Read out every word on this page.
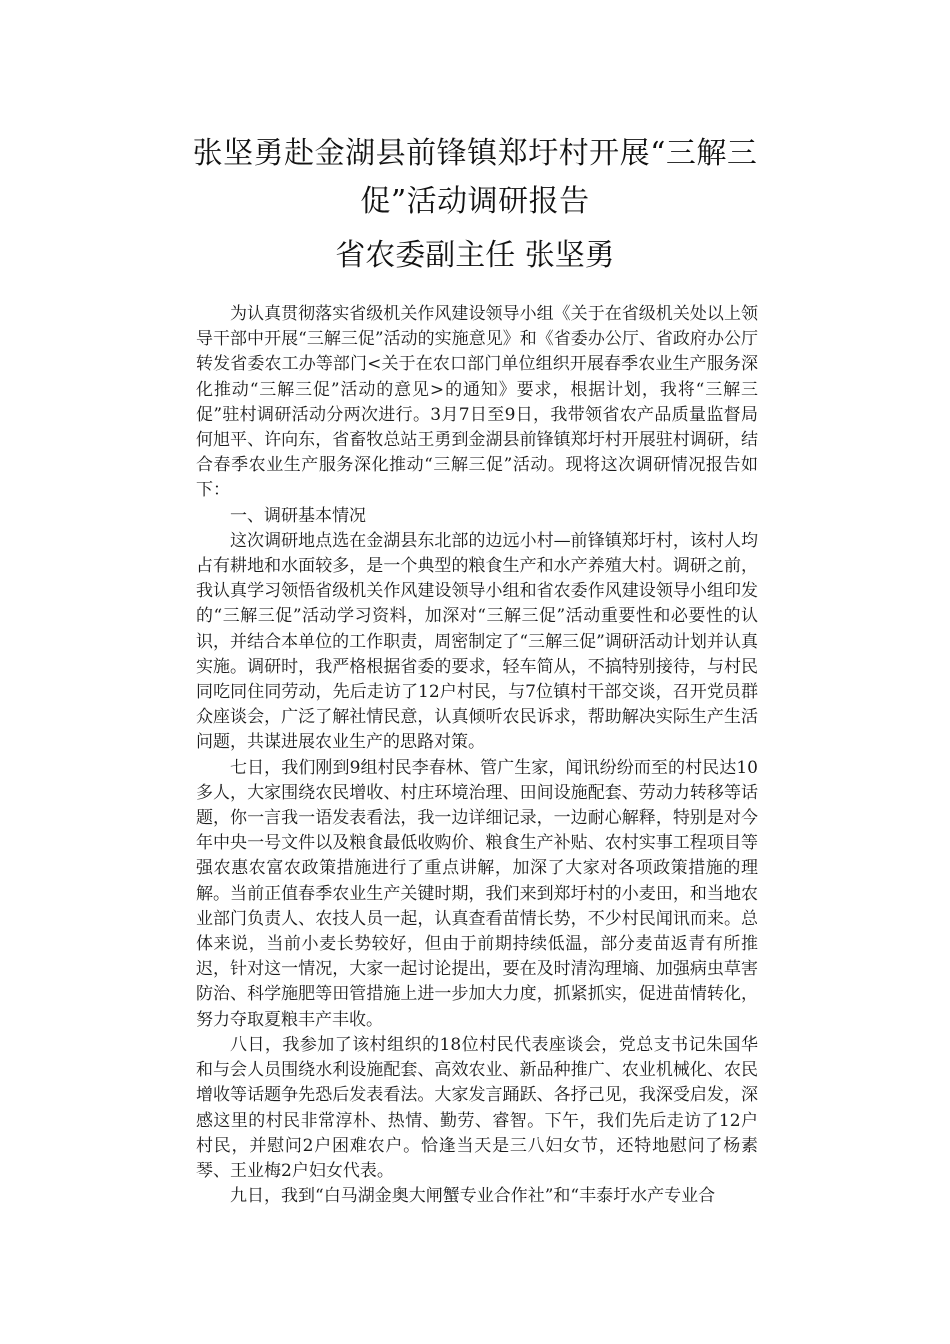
张坚勇赴金湖县前锋镇郑圩村开展“三解三
促”活动调研报告
省农委副主任 张坚勇

为认真贯彻落实省级机关作风建设领导小组《关于在省级机关处以上领导干部中开展“三解三促”活动的实施意见》和《省委办公厅、省政府办公厅转发省委农工办等部门<关于在农口部门单位组织开展春季农业生产服务深化推动“三解三促”活动的意见>的通知》要求，根据计划，我将“三解三促”驻村调研活动分两次进行。3月7日至9日，我带领省农产品质量监督局何旭平、许向东，省畜牧总站王勇到金湖县前锋镇郑圩村开展驻村调研，结合春季农业生产服务深化推动“三解三促”活动。现将这次调研情况报告如下：

一、调研基本情况

这次调研地点选在金湖县东北部的边远小村—前锋镇郑圩村，该村人均占有耕地和水面较多，是一个典型的粮食生产和水产养殖大村。调研之前，我认真学习领悟省级机关作风建设领导小组和省农委作风建设领导小组印发的“三解三促”活动学习资料，加深对“三解三促”活动重要性和必要性的认识，并结合本单位的工作职责，周密制定了“三解三促”调研活动计划并认真实施。调研时，我严格根据省委的要求，轻车简从，不搞特别接待，与村民同吃同住同劳动，先后走访了12户村民，与7位镇村干部交谈，召开党员群众座谈会，广泛了解社情民意，认真倾听农民诉求，帮助解决实际生产生活问题，共谋进展农业生产的思路对策。

七日，我们刚到9组村民李春林、管广生家，闻讯纷纷而至的村民达10多人，大家围绕农民增收、村庄环境治理、田间设施配套、劳动力转移等话题，你一言我一语发表看法，我一边详细记录，一边耐心解释，特别是对今年中央一号文件以及粮食最低收购价、粮食生产补贴、农村实事工程项目等强农惠农富农政策措施进行了重点讲解，加深了大家对各项政策措施的理解。当前正值春季农业生产关键时期，我们来到郑圩村的小麦田，和当地农业部门负责人、农技人员一起，认真查看苗情长势，不少村民闻讯而来。总体来说，当前小麦长势较好，但由于前期持续低温，部分麦苗返青有所推迟，针对这一情况，大家一起讨论提出，要在及时清沟理墒、加强病虫草害防治、科学施肥等田管措施上进一步加大力度，抓紧抓实，促进苗情转化，努力夺取夏粮丰产丰收。

八日，我参加了该村组织的18位村民代表座谈会，党总支书记朱国华和与会人员围绕水利设施配套、高效农业、新品种推广、农业机械化、农民增收等话题争先恐后发表看法。大家发言踊跃、各抒己见，我深受启发，深感这里的村民非常淳朴、热情、勤劳、睿智。下午，我们先后走访了12户村民，并慰问2户困难农户。恰逢当天是三八妇女节，还特地慰问了杨素琴、王业梅2户妇女代表。

九日，我到“白马湖金奥大闸蟹专业合作社”和“丰泰圩水产专业合
